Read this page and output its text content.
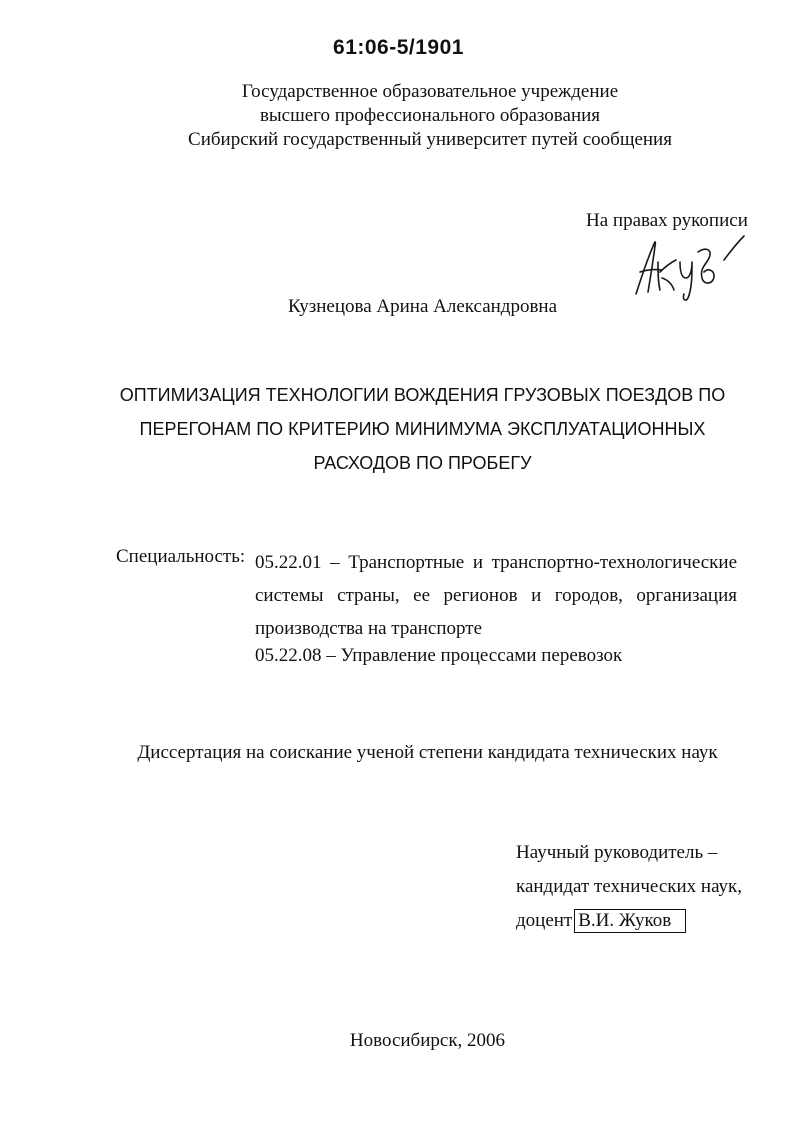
61:06-5/1901
Государственное образовательное учреждение
высшего профессионального образования
Сибирский государственный университет путей сообщения
На правах рукописи
Кузнецова Арина Александровна
ОПТИМИЗАЦИЯ ТЕХНОЛОГИИ ВОЖДЕНИЯ ГРУЗОВЫХ ПОЕЗДОВ ПО
ПЕРЕГОНАМ ПО КРИТЕРИЮ МИНИМУМА ЭКСПЛУАТАЦИОННЫХ
РАСХОДОВ ПО ПРОБЕГУ
Специальность: 05.22.01 – Транспортные и транспортно-технологические
системы страны, ее регионов и городов, организация
производства на транспорте
05.22.08 – Управление процессами перевозок
Диссертация на соискание ученой степени кандидата технических наук
Научный руководитель –
кандидат технических наук,
доцент В.И. Жуков
Новосибирск, 2006
